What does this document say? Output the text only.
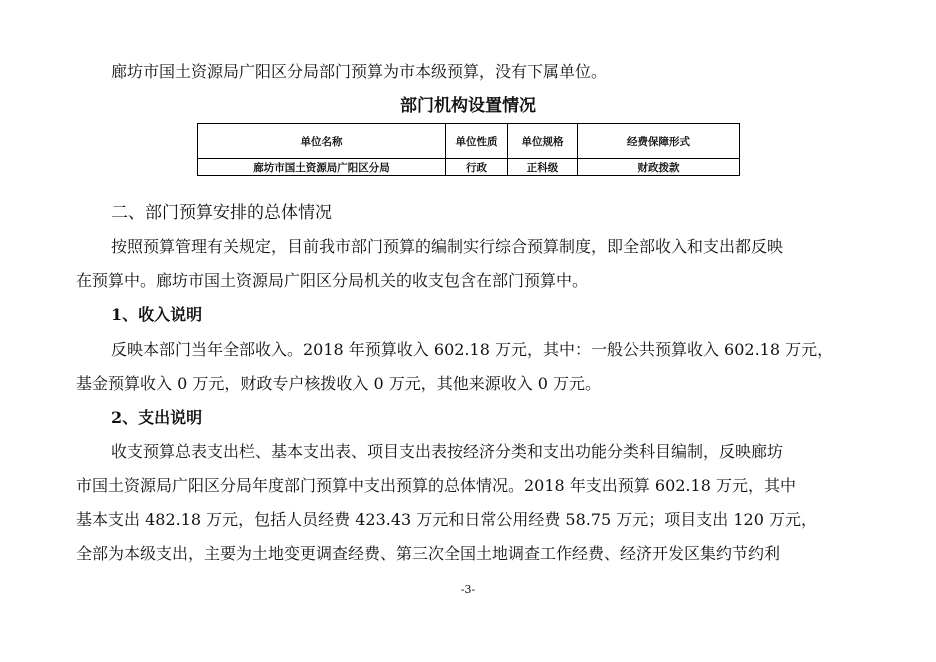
廊坊市国土资源局广阳区分局部门预算为市本级预算，没有下属单位。
部门机构设置情况
单位名称	单位性质	单位规格	经费保障形式
廊坊市国土资源局广阳区分局	行政	正科级	财政拨款
二、部门预算安排的总体情况
按照预算管理有关规定，目前我市部门预算的编制实行综合预算制度，即全部收入和支出都反映
在预算中。廊坊市国土资源局广阳区分局机关的收支包含在部门预算中。
1、收入说明
反映本部门当年全部收入。2018 年预算收入 602.18 万元，其中：一般公共预算收入 602.18 万元，
基金预算收入 0 万元，财政专户核拨收入 0 万元，其他来源收入 0 万元。
2、支出说明
收支预算总表支出栏、基本支出表、项目支出表按经济分类和支出功能分类科目编制，反映廊坊
市国土资源局广阳区分局年度部门预算中支出预算的总体情况。2018 年支出预算 602.18 万元，其中
基本支出 482.18 万元，包括人员经费 423.43 万元和日常公用经费 58.75 万元；项目支出 120 万元，
全部为本级支出，主要为土地变更调查经费、第三次全国土地调查工作经费、经济开发区集约节约利
-3-
